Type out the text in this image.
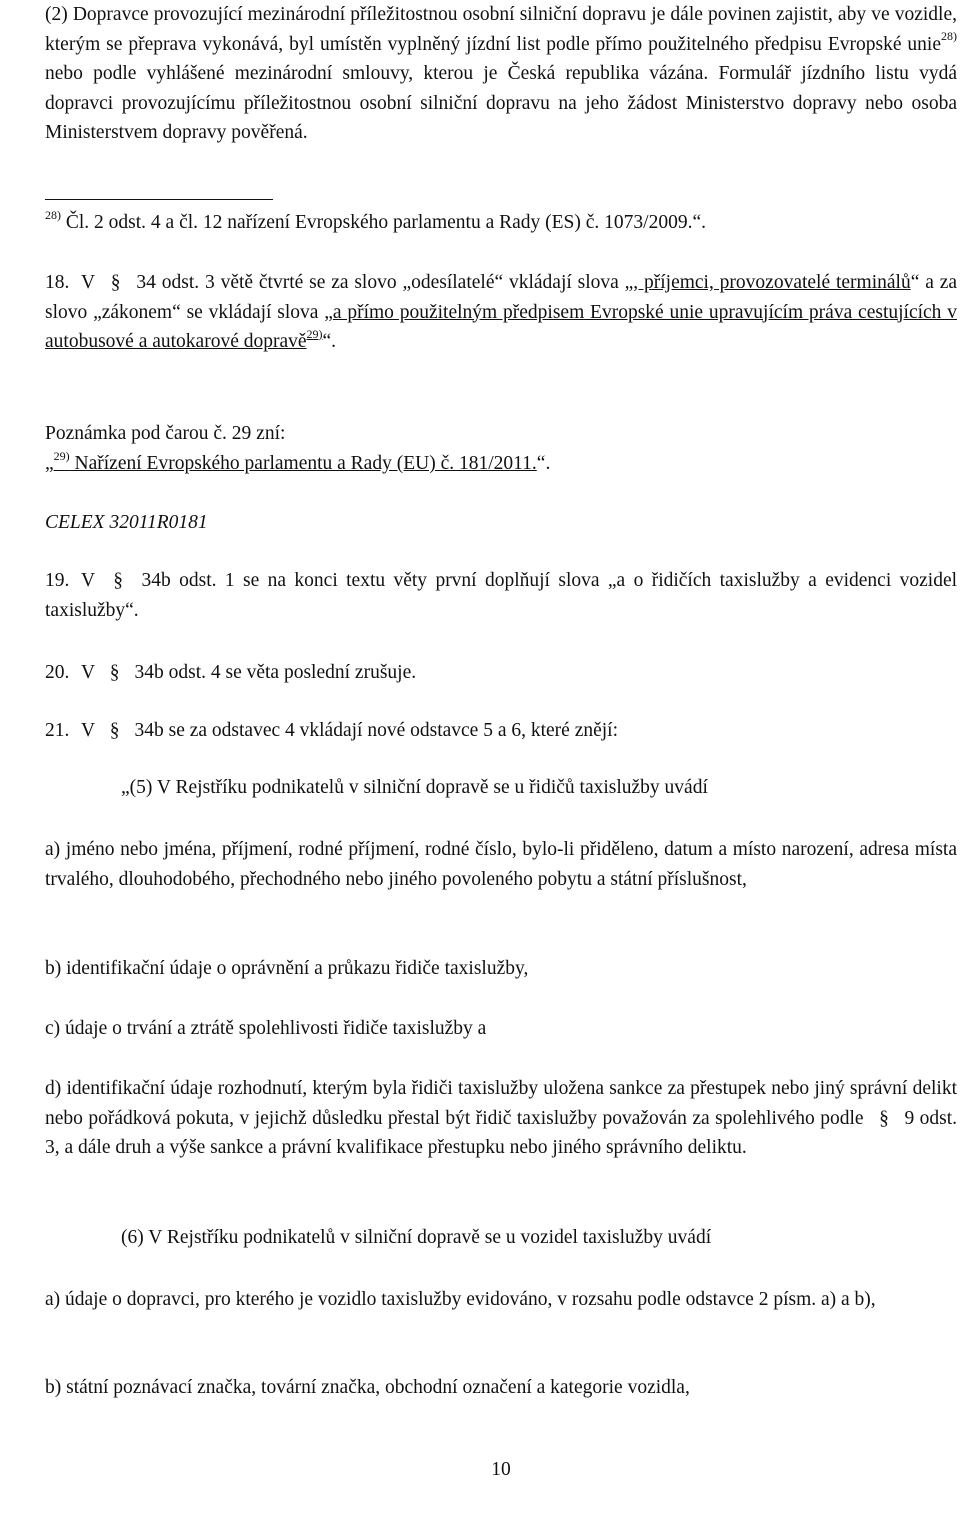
(2) Dopravce provozující mezinárodní příležitostnou osobní silniční dopravu je dále povinen zajistit, aby ve vozidle, kterým se přeprava vykonává, byl umístěn vyplněný jízdní list podle přímo použitelného předpisu Evropské unie$^{28)}$ nebo podle vyhlášené mezinárodní smlouvy, kterou je Česká republika vázána. Formulář jízdního listu vydá dopravci provozujícímu příležitostnou osobní silniční dopravu na jeho žádost Ministerstvo dopravy nebo osoba Ministerstvem dopravy pověřená.

$^{28)}$ Čl. 2 odst. 4 a čl. 12 nařízení Evropského parlamentu a Rady (ES) č. 1073/2009.“.

18. V § 34 odst. 3 větě čtvrté se za slovo „odesílatelé“ vkládají slova „, příjemci, provozovatelé terminálů“ a za slovo „zákonem“ se vkládají slova „a přímo použitelným předpisem Evropské unie upravujícím práva cestujících v autobusové a autokarové dopravě$^{29)}$“.

Poznámka pod čarou č. 29 zní:

„$^{29)}$ Nařízení Evropského parlamentu a Rady (EU) č. 181/2011.“.

CELEX 32011R0181

19. V § 34b odst. 1 se na konci textu věty první doplňují slova „a o řidičích taxislužby a evidenci vozidel taxislužby“.

20. V § 34b odst. 4 se věta poslední zrušuje.

21. V § 34b se za odstavec 4 vkládají nové odstavce 5 a 6, které znějí:

„(5) V Rejstříku podnikatelů v silniční dopravě se u řidičů taxislužby uvádí

a) jméno nebo jména, příjmení, rodné příjmení, rodné číslo, bylo-li přiděleno, datum a místo narození, adresa místa trvalého, dlouhodobého, přechodného nebo jiného povoleného pobytu a státní příslušnost,

b) identifikační údaje o oprávnění a průkazu řidiče taxislužby,

c) údaje o trvání a ztrátě spolehlivosti řidiče taxislužby a

d) identifikační údaje rozhodnutí, kterým byla řidiči taxislužby uložena sankce za přestupek nebo jiný správní delikt nebo pořádková pokuta, v jejichž důsledku přestal být řidič taxislužby považován za spolehlivého podle § 9 odst. 3, a dále druh a výše sankce a právní kvalifikace přestupku nebo jiného správního deliktu.

(6) V Rejstříku podnikatelů v silniční dopravě se u vozidel taxislužby uvádí

a) údaje o dopravci, pro kterého je vozidlo taxislužby evidováno, v rozsahu podle odstavce 2 písm. a) a b),

b) státní poznávací značka, tovární značka, obchodní označení a kategorie vozidla,

10
